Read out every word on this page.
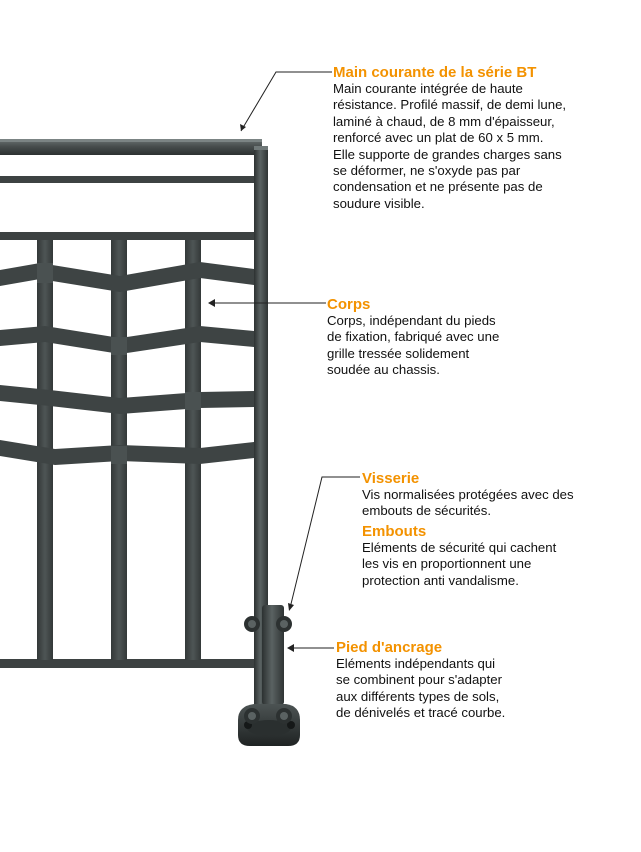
Main courante de la série BT
Main courante intégrée de haute
résistance. Profilé massif, de demi lune,
laminé à chaud, de 8 mm d'épaisseur,
renforcé avec un plat de 60 x 5 mm.
Elle supporte de grandes charges sans
se déformer, ne s'oxyde pas par
condensation et ne présente pas de
soudure visible.
Corps
Corps, indépendant du pieds
de fixation, fabriqué avec une
grille tressée solidement
soudée au chassis.
Visserie
Vis normalisées protégées avec des
embouts de sécurités.
Embouts
Eléments de sécurité qui cachent
les vis en proportionnent une
protection anti vandalisme.
Pied d'ancrage
Eléments indépendants qui
se combinent pour s'adapter
aux différents types de sols,
de dénivelés et tracé courbe.
